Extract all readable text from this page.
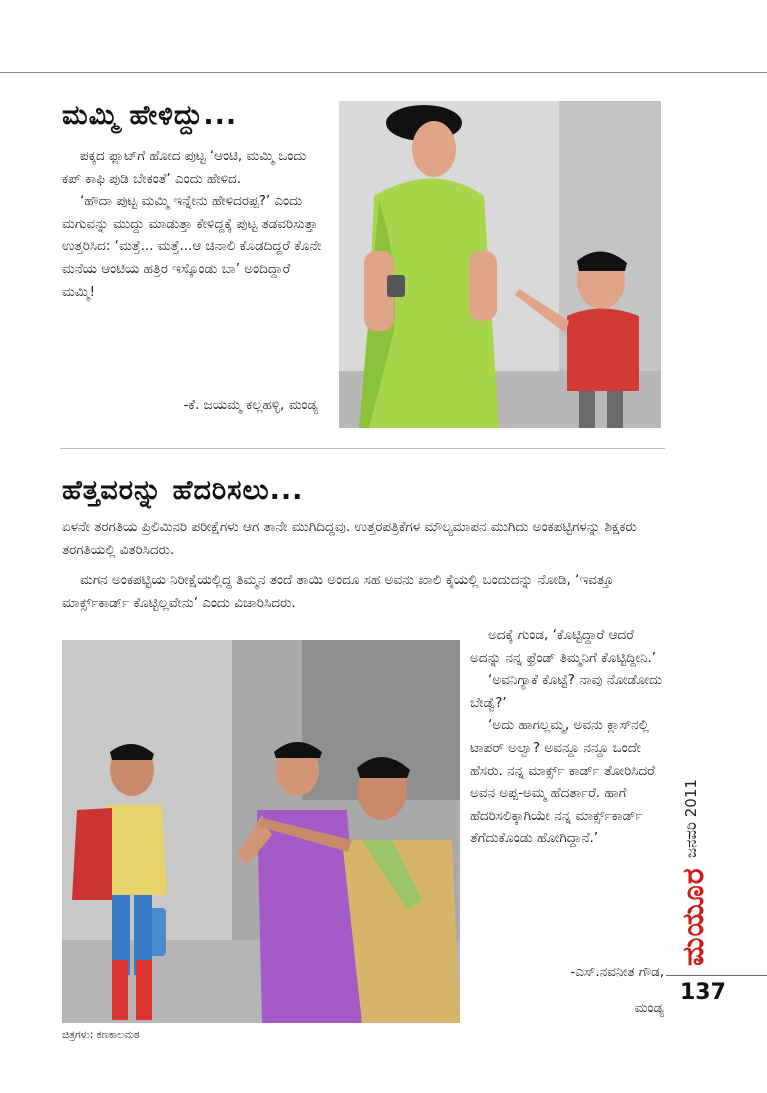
ಮಮ್ಮಿ ಹೇಳಿದ್ದು...

ಪಕ್ಕದ ಫ್ಲಾಟ್‌ಗೆ ಹೋದ ಪುಟ್ಟ ‘ಆಂಟಿ, ಮಮ್ಮಿ ಒಂದು ಕಪ್ ಕಾಫಿ ಪುಡಿ ಬೇಕಂತೆ’ ಎಂದು ಹೇಳಿದ.

‘ಹೌದಾ ಪುಟ್ಟ ಮಮ್ಮಿ ಇನ್ನೇನು ಹೇಳಿದರಪ್ಪ?’ ಎಂದು ಮಗುವನ್ನು ಮುದ್ದು ಮಾಡುತ್ತಾ ಕೇಳಿದ್ದಕ್ಕೆ ಪುಟ್ಟ ತಡವರಿಸುತ್ತಾ ಉತ್ತರಿಸಿದ: ‘ಮತ್ತೆ... ಮತ್ತೆ...ಆ ಚಿನಾಲಿ ಕೊಡದಿದ್ದರೆ ಕೊನೇ ಮನೆಯ ಆಂಟಿಯ ಹತ್ರಿರ ಇಸ್ಕೊಂಡು ಬಾ’ ಅಂದಿದ್ದಾರೆ ಮಮ್ಮಿ!

-ಕೆ. ಜಯಮ್ಮ ಕಲ್ಲಹಳ್ಳಿ, ಮಂಡ್ಯ
ಹೆತ್ತವರನ್ನು ಹೆದರಿಸಲು...

ಏಳನೇ ತರಗತಿಯ ಪ್ರಿಲಿಮಿನರಿ ಪರೀಕ್ಷೆಗಳು ಆಗ ತಾನೇ ಮುಗಿದಿದ್ದವು. ಉತ್ತರಪತ್ರಿಕೆಗಳ ಮೌಲ್ಯಮಾಪನ ಮುಗಿದು ಅಂಕಪಟ್ಟಿಗಳನ್ನು ಶಿಕ್ಷಕರು ತರಗತಿಯಲ್ಲಿ ವಿತರಿಸಿದರು.

ಮಗನ ಅಂಕಪಟ್ಟಿಯ ನಿರೀಕ್ಷೆಯಲ್ಲಿದ್ದ ತಿಮ್ಮನ ತಂದೆ ತಾಯಿ ಅಂದೂ ಸಹ ಅವನು ಖಾಲಿ ಕೈಯಲ್ಲಿ ಬಂದುದನ್ನು ನೋಡಿ, ‘ಇವತ್ತೂ ಮಾರ್ಕ್ಸ್‌ಕಾರ್ಡ್ ಕೊಟ್ಟಿಲ್ಲವೇನು’ ಎಂದು ವಿಚಾರಿಸಿದರು.

ಅದಕ್ಕೆ ಗುಂಡ, ‘ಕೊಟ್ಟಿದ್ದಾರೆ ಆದರೆ ಅದನ್ನು ನನ್ನ ಫ್ರೆಂಡ್ ತಿಮ್ಮನಿಗೆ ಕೊಟ್ಟಿದ್ದೀನಿ.’

‘ಅವನಿಗ್ಯಾಕೆ ಕೊಟ್ಟೆ? ನಾವು ನೋಡೋದು ಬೇಡ್ವೆ?’

‘ಅದು ಹಾಗಲ್ಲಮ್ಮ, ಅವನು ಕ್ಲಾಸ್‌ನಲ್ಲಿ ಟಾಪರ್ ಅಲ್ವಾ? ಅವನ್ದೂ ನನ್ದೂ ಒಂದೇ ಹೆಸರು. ನನ್ನ ಮಾರ್ಕ್ಸ್ ಕಾರ್ಡ್ ತೋರಿಸಿದರೆ ಅವನ ಅಪ್ಪ-ಅಮ್ಮ ಹೆದರ್ತಾರೆ. ಹಾಗೆ ಹೆದರಿಸಲಿಕ್ಕಾಗಿಯೇ ನನ್ನ ಮಾರ್ಕ್ಸ್‌ಕಾರ್ಡ್ ತೆಗೆದುಕೊಂಡು ಹೋಗಿದ್ದಾನೆ.’

-ಎಸ್.ನವನೀತ ಗೌಡ,
ಮಂಡ್ಯ
ಚಿತ್ರಗಳು: ಕಣಕಾಲಮಠ
ಜನವರಿ 2011
ಮಯೂರ
137
